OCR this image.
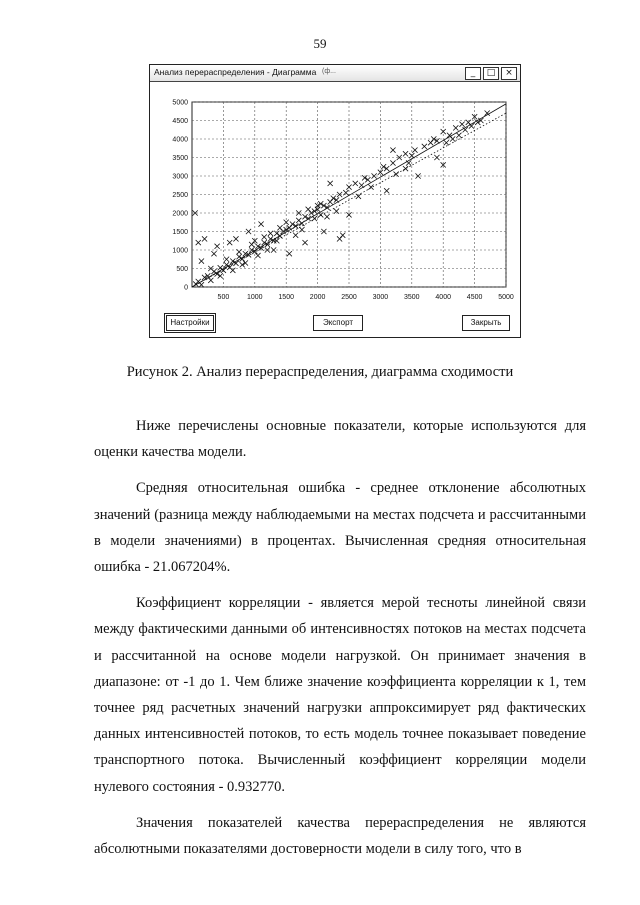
59
Анализ перераспределения - Диаграмма (ф...	_	□	×
500	1000 1500 2000 2500 3000 3500 4000 4500 5000
0
500
1000
1500
2000
2500
3000
3500
4000
4500
5000
Настройки	Экспорт	Закрыть
Рисунок 2. Анализ перераспределения, диаграмма сходимости

Ниже перечислены основные показатели, которые используются для оценки качества модели.

Средняя относительная ошибка - среднее отклонение абсолютных значений (разница между наблюдаемыми на местах подсчета и рассчитанными в модели значениями) в процентах. Вычисленная средняя относительная ошибка - 21.067204%.

Коэффициент корреляции - является мерой тесноты линейной связи между фактическими данными об интенсивностях потоков на местах подсчета и рассчитанной на основе модели нагрузкой. Он принимает значения в диапазоне: от -1 до 1. Чем ближе значение коэффициента корреляции к 1, тем точнее ряд расчетных значений нагрузки аппроксимирует ряд фактических данных интенсивностей потоков, то есть модель точнее показывает поведение транспортного потока. Вычисленный коэффициент корреляции модели нулевого состояния - 0.932770.

Значения показателей качества перераспределения не являются абсолютными показателями достоверности модели в силу того, что в
